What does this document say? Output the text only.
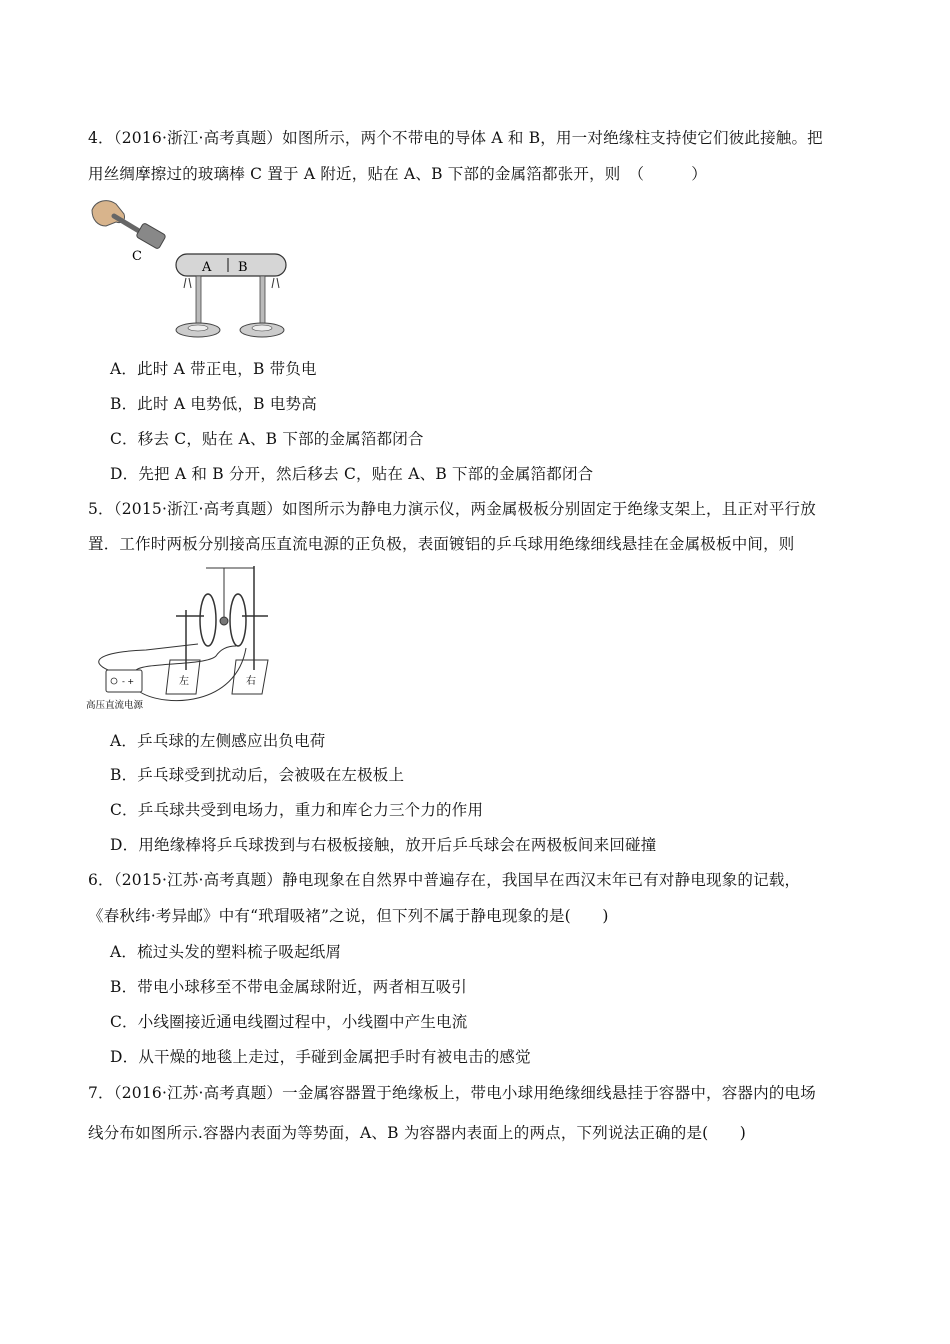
4．（2016·浙江·高考真题）如图所示，两个不带电的导体 A 和 B，用一对绝缘柱支持使它们彼此接触。把
用丝绸摩擦过的玻璃棒 C 置于 A 附近，贴在 A、B 下部的金属箔都张开，则　（　　　）
C
A B
A．此时 A 带正电，B 带负电
B．此时 A 电势低，B 电势高
C．移去 C，贴在 A、B 下部的金属箔都闭合
D．先把 A 和 B 分开，然后移去 C，贴在 A、B 下部的金属箔都闭合
5．（2015·浙江·高考真题）如图所示为静电力演示仪，两金属极板分别固定于绝缘支架上，且正对平行放
置．工作时两板分别接高压直流电源的正负极，表面镀铝的乒乓球用绝缘细线悬挂在金属极板中间，则
左	右
- +
高压直流电源
A．乒乓球的左侧感应出负电荷
B．乒乓球受到扰动后，会被吸在左极板上
C．乒乓球共受到电场力，重力和库仑力三个力的作用
D．用绝缘棒将乒乓球拨到与右极板接触，放开后乒乓球会在两极板间来回碰撞
6．（2015·江苏·高考真题）静电现象在自然界中普遍存在，我国早在西汉末年已有对静电现象的记载，
《春秋纬·考异邮》中有“玳瑁吸褚”之说，但下列不属于静电现象的是(　　)
A．梳过头发的塑料梳子吸起纸屑
B．带电小球移至不带电金属球附近，两者相互吸引
C．小线圈接近通电线圈过程中，小线圈中产生电流
D．从干燥的地毯上走过，手碰到金属把手时有被电击的感觉
7．（2016·江苏·高考真题）一金属容器置于绝缘板上，带电小球用绝缘细线悬挂于容器中，容器内的电场
线分布如图所示.容器内表面为等势面，A、B 为容器内表面上的两点，下列说法正确的是(　　)
